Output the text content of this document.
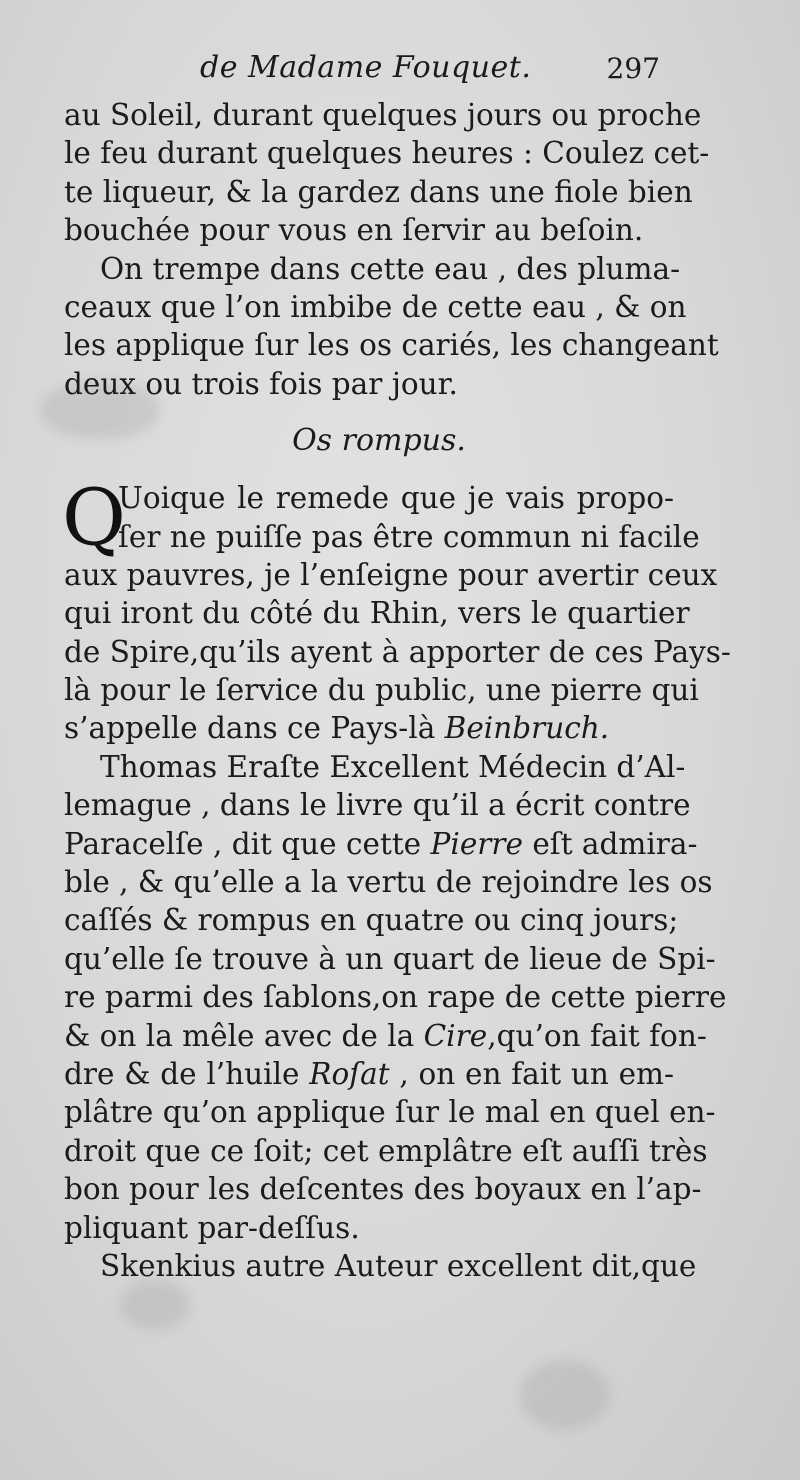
de Madame Fouquet.	297
au Soleil, durant quelques jours ou proche
le feu durant quelques heures : Coulez cet-
te liqueur, & la gardez dans une fiole bien
bouchée pour vous en ſervir au beſoin.
On trempe dans cette eau , des pluma-
ceaux que l’on imbibe de cette eau , & on
les applique ſur les os cariés, les changeant
deux ou trois fois par jour.
Os rompus.
Q
Uoique le remede que je vais propo-
ſer ne puiſſe pas être commun ni facile
aux pauvres, je l’enſeigne pour avertir ceux
qui iront du côté du Rhin, vers le quartier
de Spire,qu’ils ayent à apporter de ces Pays-
là pour le ſervice du public, une pierre qui
s’appelle dans ce Pays-là Beinbruch.
Thomas Eraſte Excellent Médecin d’Al-
lemague , dans le livre qu’il a écrit contre
Paracelſe , dit que cette Pierre eſt admira-
ble , & qu’elle a la vertu de rejoindre les os
caſſés & rompus en quatre ou cinq jours;
qu’elle ſe trouve à un quart de lieue de Spi-
re parmi des ſablons,on rape de cette pierre
& on la mêle avec de la Cire,qu’on fait fon-
dre & de l’huile Roſat , on en fait un em-
plâtre qu’on applique ſur le mal en quel en-
droit que ce ſoit; cet emplâtre eſt auſſi très
bon pour les deſcentes des boyaux en l’ap-
pliquant par-deſſus.
Skenkius autre Auteur excellent dit,que
